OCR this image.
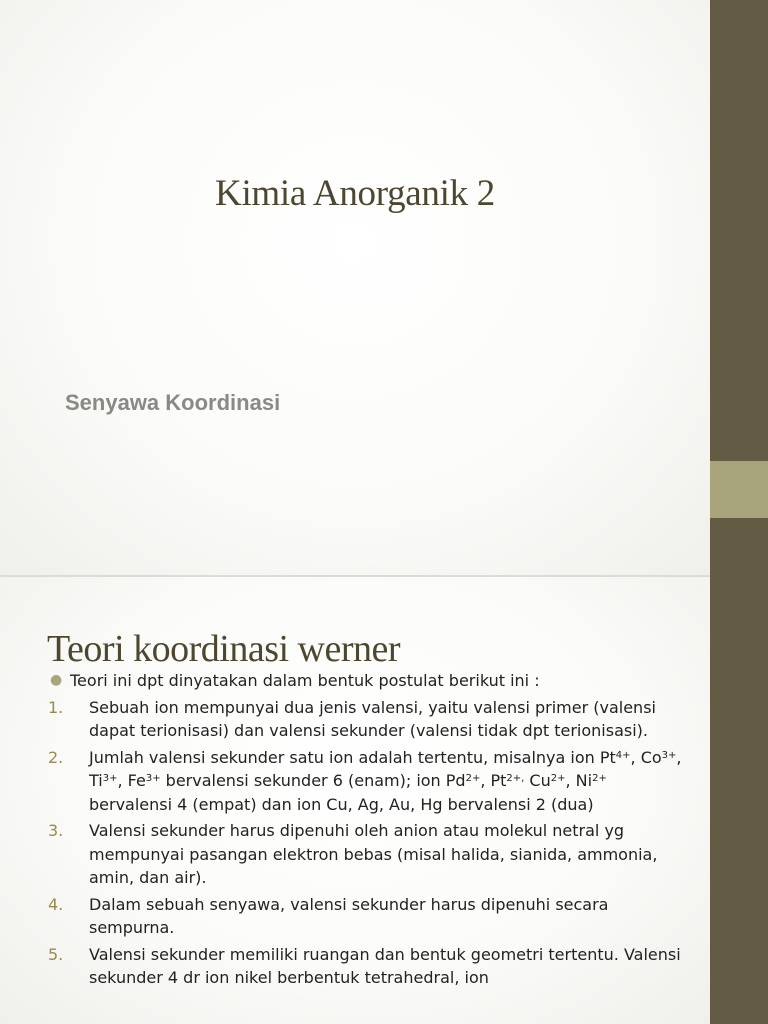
Kimia Anorganik 2

Senyawa Koordinasi

Teori koordinasi werner
● Teori ini dpt dinyatakan dalam bentuk postulat berikut ini :
1. Sebuah ion mempunyai dua jenis valensi, yaitu valensi primer (valensi dapat terionisasi) dan valensi sekunder (valensi tidak dpt terionisasi).
2. Jumlah valensi sekunder satu ion adalah tertentu, misalnya ion $Pt^{4+}$, $Co^{3+}$, $Ti^{3+}$, $Fe^{3+}$ bervalensi sekunder 6 (enam); ion $Pd^{2+}$, $Pt^{2+,}$ $Cu^{2+}$, $Ni^{2+}$ bervalensi 4 (empat) dan ion Cu, Ag, Au, Hg bervalensi 2 (dua)
3. Valensi sekunder harus dipenuhi oleh anion atau molekul netral yg mempunyai pasangan elektron bebas (misal halida, sianida, ammonia, amin, dan air).
4. Dalam sebuah senyawa, valensi sekunder harus dipenuhi secara sempurna.
5. Valensi sekunder memiliki ruangan dan bentuk geometri tertentu. Valensi sekunder 4 dr ion nikel berbentuk tetrahedral, ion
